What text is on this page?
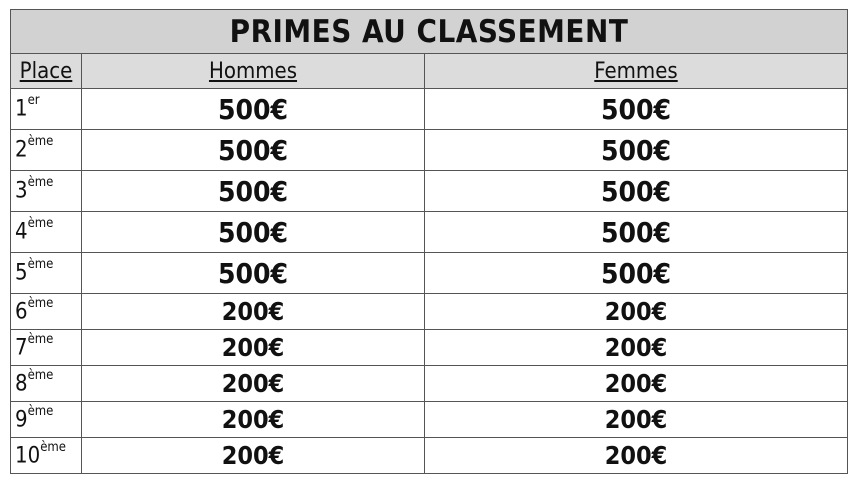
PRIMES AU CLASSEMENT		
Place	Hommes	Femmes
1er	500€	500€
2ème	500€	500€
3ème	500€	500€
4ème	500€	500€
5ème	500€	500€
6ème	200€	200€
7ème	200€	200€
8ème	200€	200€
9ème	200€	200€
10ème	200€	200€
